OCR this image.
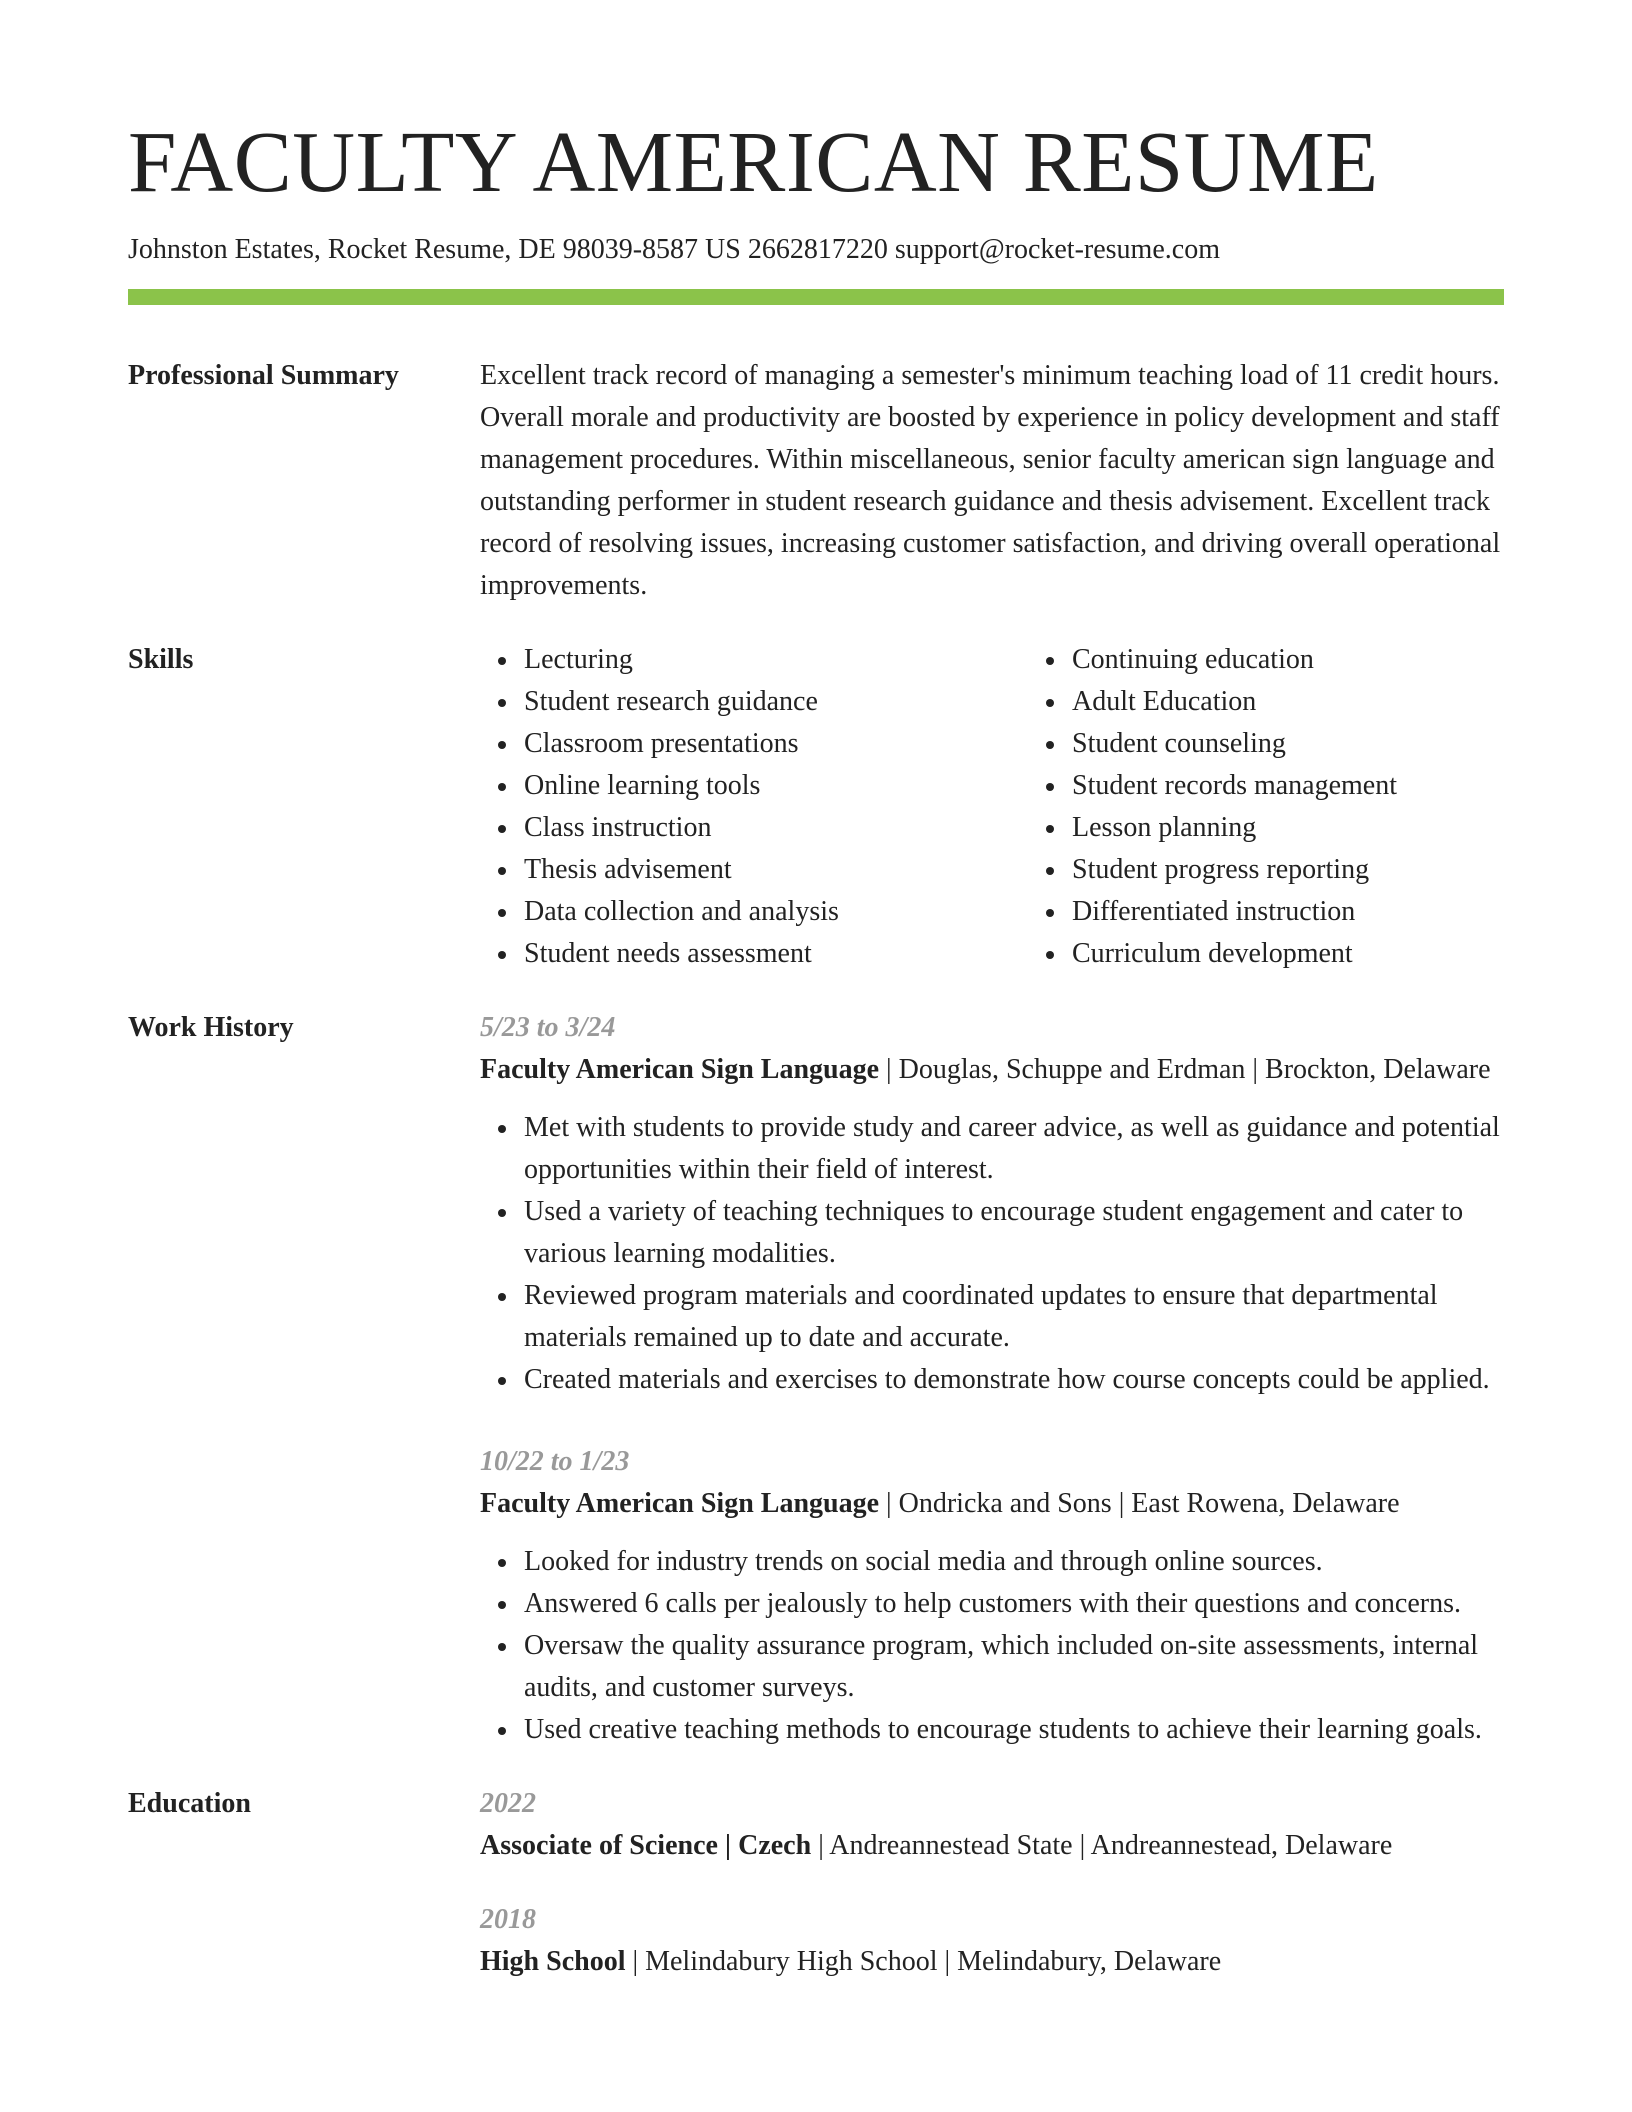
FACULTY AMERICAN RESUME
Johnston Estates, Rocket Resume, DE 98039-8587 US 2662817220 support@rocket-resume.com
Professional Summary	Excellent track record of managing a semester's minimum teaching load of 11 credit hours. Overall morale and productivity are boosted by experience in policy development and staff management procedures. Within miscellaneous, senior faculty american sign language and outstanding performer in student research guidance and thesis advisement. Excellent track record of resolving issues, increasing customer satisfaction, and driving overall operational improvements.
Skills	Lecturing
Student research guidance
Classroom presentations
Online learning tools
Class instruction
Thesis advisement
Data collection and analysis
Student needs assessment
Continuing education
Adult Education
Student counseling
Student records management
Lesson planning
Student progress reporting
Differentiated instruction
Curriculum development
Work History	5/23 to 3/24
Faculty American Sign Language | Douglas, Schuppe and Erdman | Brockton, Delaware
Met with students to provide study and career advice, as well as guidance and potential opportunities within their field of interest.
Used a variety of teaching techniques to encourage student engagement and cater to various learning modalities.
Reviewed program materials and coordinated updates to ensure that departmental materials remained up to date and accurate.
Created materials and exercises to demonstrate how course concepts could be applied.
10/22 to 1/23
Faculty American Sign Language | Ondricka and Sons | East Rowena, Delaware
Looked for industry trends on social media and through online sources.
Answered 6 calls per jealously to help customers with their questions and concerns.
Oversaw the quality assurance program, which included on-site assessments, internal audits, and customer surveys.
Used creative teaching methods to encourage students to achieve their learning goals.
Education	2022
Associate of Science | Czech | Andreannestead State | Andreannestead, Delaware
2018
High School | Melindabury High School | Melindabury, Delaware
